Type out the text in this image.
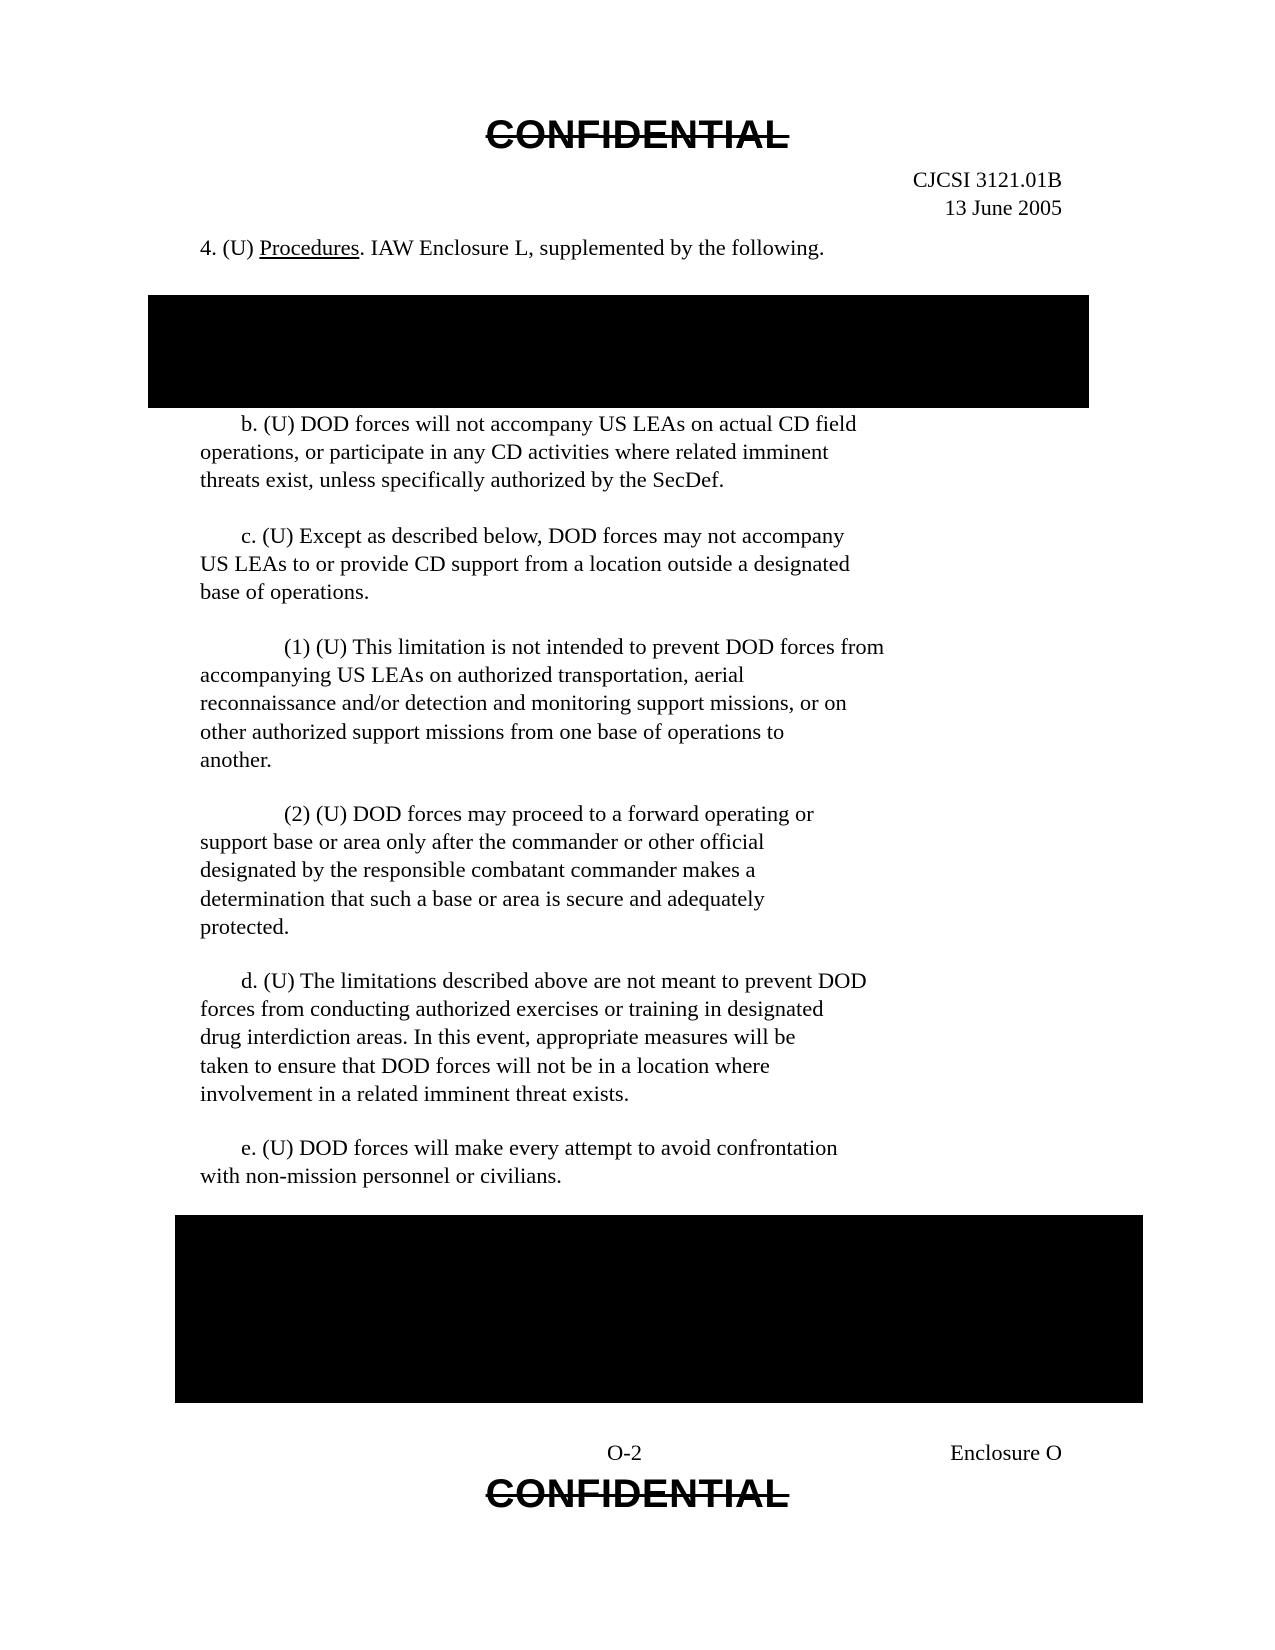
CONFIDENTIAL
CJCSI 3121.01B
13 June 2005
4. (U) Procedures. IAW Enclosure L, supplemented by the following.
b. (U) DOD forces will not accompany US LEAs on actual CD field
operations, or participate in any CD activities where related imminent
threats exist, unless specifically authorized by the SecDef.
c. (U) Except as described below, DOD forces may not accompany
US LEAs to or provide CD support from a location outside a designated
base of operations.
(1) (U) This limitation is not intended to prevent DOD forces from
accompanying US LEAs on authorized transportation, aerial
reconnaissance and/or detection and monitoring support missions, or on
other authorized support missions from one base of operations to
another.
(2) (U) DOD forces may proceed to a forward operating or
support base or area only after the commander or other official
designated by the responsible combatant commander makes a
determination that such a base or area is secure and adequately
protected.
d. (U) The limitations described above are not meant to prevent DOD
forces from conducting authorized exercises or training in designated
drug interdiction areas. In this event, appropriate measures will be
taken to ensure that DOD forces will not be in a location where
involvement in a related imminent threat exists.
e. (U) DOD forces will make every attempt to avoid confrontation
with non-mission personnel or civilians.
O-2	Enclosure O
CONFIDENTIAL
